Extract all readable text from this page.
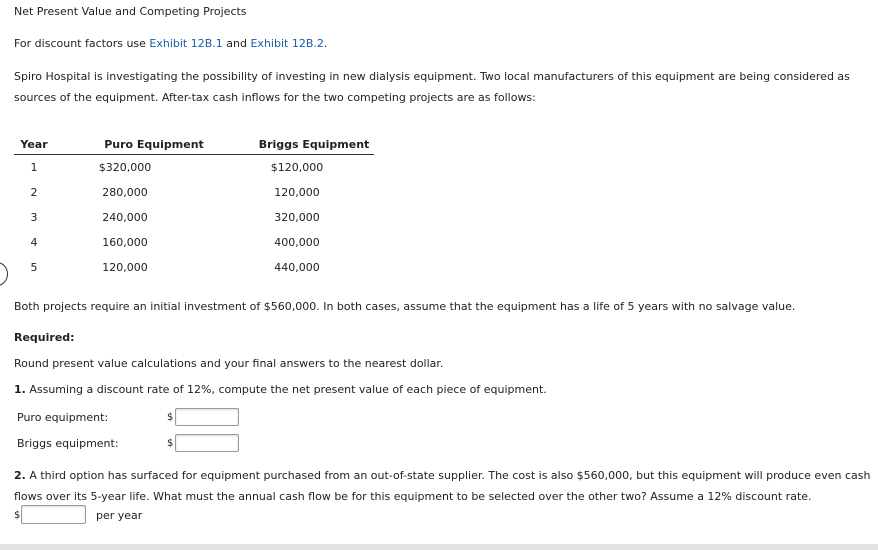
Net Present Value and Competing Projects
For discount factors use Exhibit 12B.1 and Exhibit 12B.2.
Spiro Hospital is investigating the possibility of investing in new dialysis equipment. Two local manufacturers of this equipment are being considered as
sources of the equipment. After-tax cash inflows for the two competing projects are as follows:
Year	Puro Equipment	Briggs Equipment
1	$320,000	$120,000
2	280,000	120,000
3	240,000	320,000
4	160,000	400,000
5	120,000	440,000
Both projects require an initial investment of $560,000. In both cases, assume that the equipment has a life of 5 years with no salvage value.
Required:
Round present value calculations and your final answers to the nearest dollar.
1. Assuming a discount rate of 12%, compute the net present value of each piece of equipment.
Puro equipment:	$
Briggs equipment:	$
2. A third option has surfaced for equipment purchased from an out-of-state supplier. The cost is also $560,000, but this equipment will produce even cash
flows over its 5-year life. What must the annual cash flow be for this equipment to be selected over the other two? Assume a 12% discount rate.
$	per year
